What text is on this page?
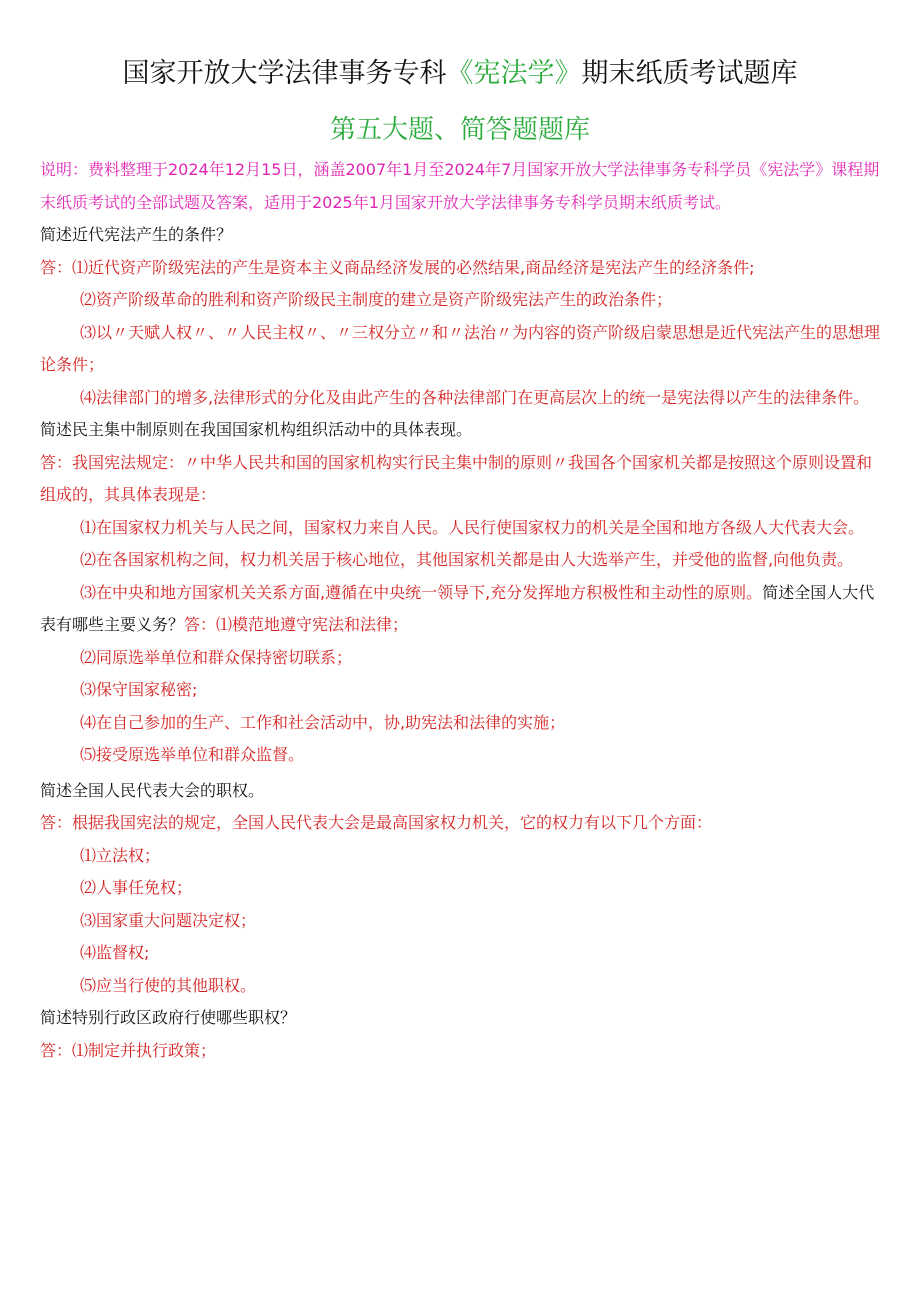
国家开放大学法律事务专科《宪法学》期末纸质考试题库
第五大题、简答题题库

说明：费料整理于2024年12月15日，涵盖2007年1月至2024年7月国家开放大学法律事务专科学员《宪法学》课程期末纸质考试的全部试题及答案，适用于2025年1月国家开放大学法律事务专科学员期末纸质考试。

简述近代宪法产生的条件？

答：⑴近代资产阶级宪法的产生是资本主义商品经济发展的必然结果,商品经济是宪法产生的经济条件;

⑵资产阶级革命的胜利和资产阶级民主制度的建立是资产阶级宪法产生的政治条件；

⑶以〃天赋人权〃、〃人民主权〃、〃三权分立〃和〃法治〃为内容的资产阶级启蒙思想是近代宪法产生的思想理论条件；

⑷法律部门的增多,法律形式的分化及由此产生的各种法律部门在更高层次上的统一是宪法得以产生的法律条件。

简述民主集中制原则在我国国家机构组织活动中的具体表现。

答：我国宪法规定：〃中华人民共和国的国家机构实行民主集中制的原则〃我国各个国家机关都是按照这个原则设置和组成的，其具体表现是：

⑴在国家权力机关与人民之间，国家权力来自人民。人民行使国家权力的机关是全国和地方各级人大代表大会。

⑵在各国家机构之间，权力机关居于核心地位，其他国家机关都是由人大选举产生，并受他的监督,向他负责。

⑶在中央和地方国家机关关系方面,遵循在中央统一领导下,充分发挥地方积极性和主动性的原则。简述全国人大代表有哪些主要义务？答：⑴模范地遵守宪法和法律；

⑵同原选举单位和群众保持密切联系；

⑶保守国家秘密;

⑷在自己参加的生产、工作和社会活动中，协,助宪法和法律的实施；

⑸接受原选举单位和群众监督。

简述全国人民代表大会的职权。

答：根据我国宪法的规定，全国人民代表大会是最高国家权力机关，它的权力有以下几个方面：

⑴立法权；

⑵人事任免权；

⑶国家重大问题决定权；

⑷监督权;

⑸应当行使的其他职权。

简述特别行政区政府行使哪些职权？

答：⑴制定并执行政策；
